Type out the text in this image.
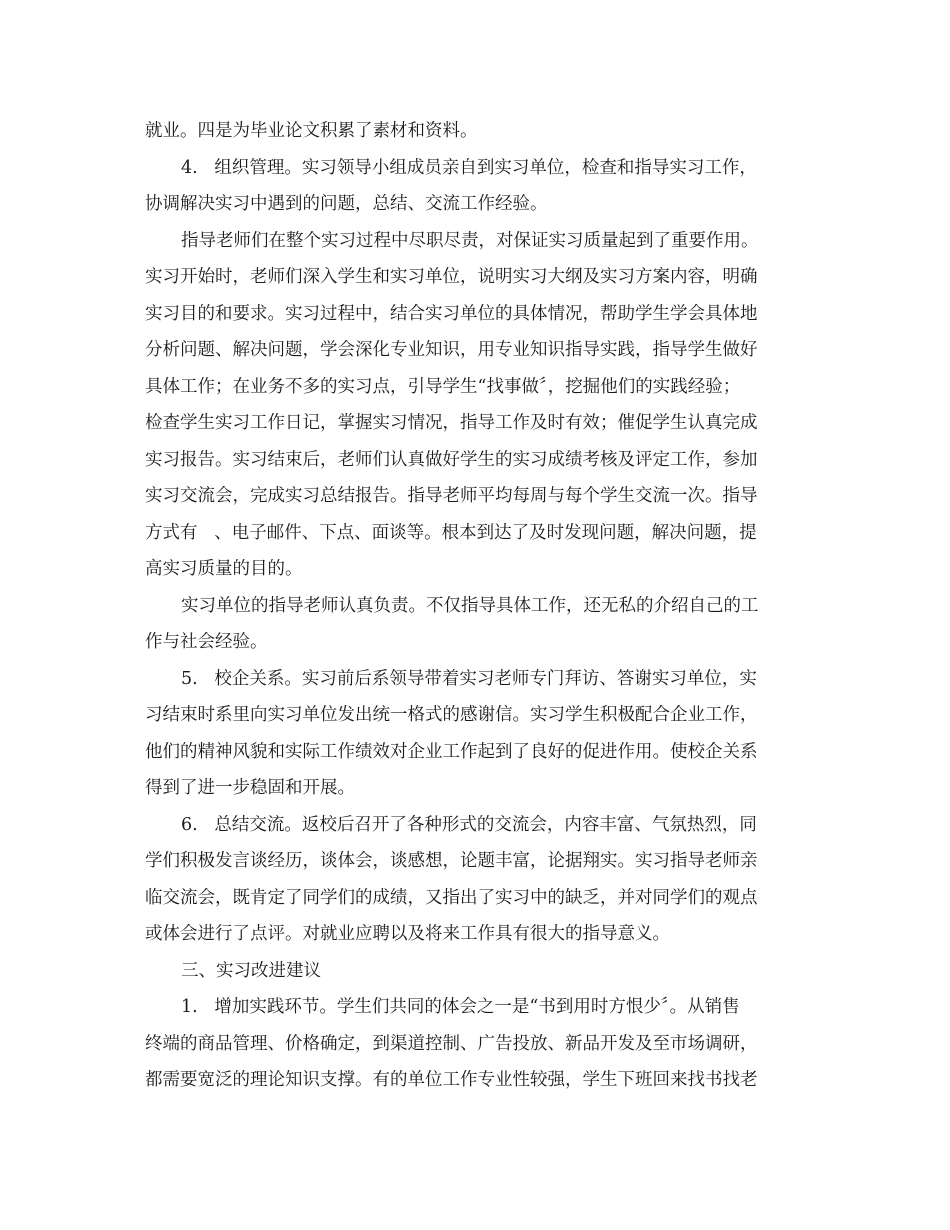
就业。四是为毕业论文积累了素材和资料。
4.   组织管理。实习领导小组成员亲自到实习单位，检查和指导实习工作，
协调解决实习中遇到的问题，总结、交流工作经验。
指导老师们在整个实习过程中尽职尽责，对保证实习质量起到了重要作用。
实习开始时，老师们深入学生和实习单位，说明实习大纲及实习方案内容，明确
实习目的和要求。实习过程中，结合实习单位的具体情况，帮助学生学会具体地
分析问题、解决问题，学会深化专业知识，用专业知识指导实践，指导学生做好
具体工作；在业务不多的实习点，引导学生“找事做〞，挖掘他们的实践经验；
检查学生实习工作日记，掌握实习情况，指导工作及时有效；催促学生认真完成
实习报告。实习结束后，老师们认真做好学生的实习成绩考核及评定工作，参加
实习交流会，完成实习总结报告。指导老师平均每周与每个学生交流一次。指导
方式有   、电子邮件、下点、面谈等。根本到达了及时发现问题，解决问题，提
高实习质量的目的。
实习单位的指导老师认真负责。不仅指导具体工作，还无私的介绍自己的工
作与社会经验。
5.   校企关系。实习前后系领导带着实习老师专门拜访、答谢实习单位，实
习结束时系里向实习单位发出统一格式的感谢信。实习学生积极配合企业工作，
他们的精神风貌和实际工作绩效对企业工作起到了良好的促进作用。使校企关系
得到了进一步稳固和开展。
6.   总结交流。返校后召开了各种形式的交流会，内容丰富、气氛热烈，同
学们积极发言谈经历，谈体会，谈感想，论题丰富，论据翔实。实习指导老师亲
临交流会，既肯定了同学们的成绩，又指出了实习中的缺乏，并对同学们的观点
或体会进行了点评。对就业应聘以及将来工作具有很大的指导意义。
三、实习改进建议
1.   增加实践环节。学生们共同的体会之一是“书到用时方恨少〞。从销售
终端的商品管理、价格确定，到渠道控制、广告投放、新品开发及至市场调研，
都需要宽泛的理论知识支撑。有的单位工作专业性较强，学生下班回来找书找老
